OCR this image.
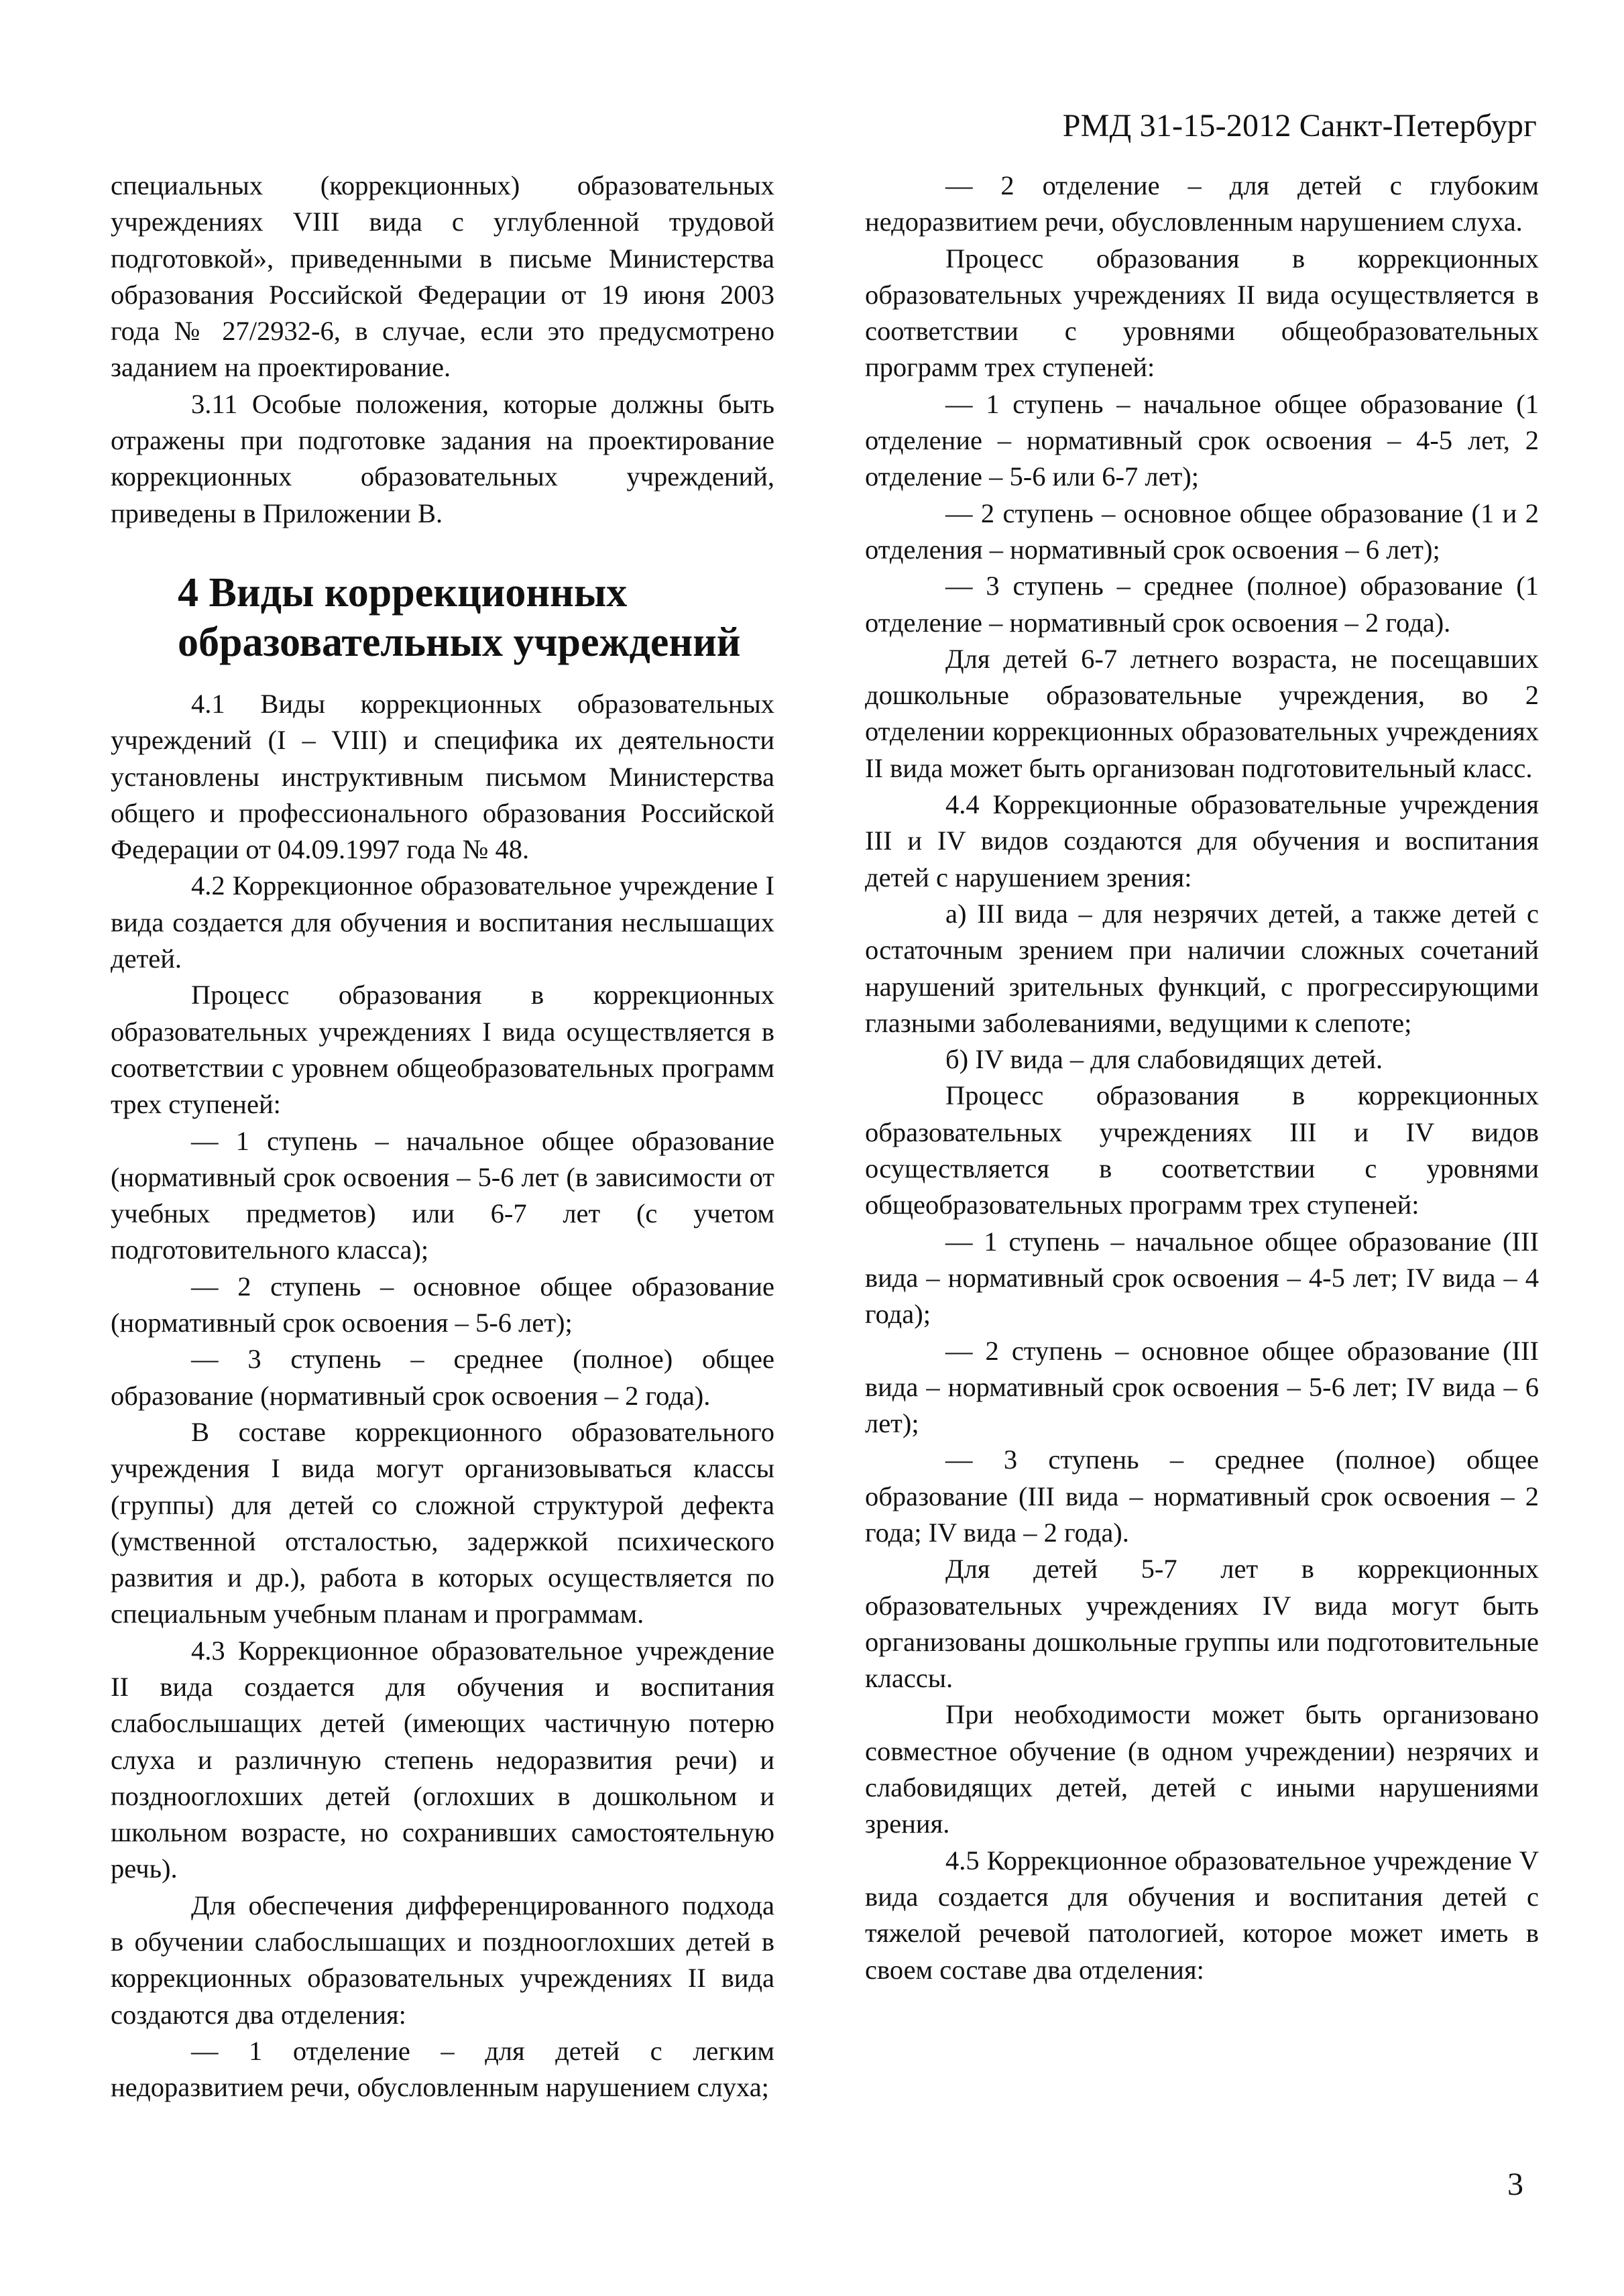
РМД 31-15-2012 Санкт-Петербург

специальных (коррекционных) образовательных учреждениях VIII вида с углубленной трудовой подготовкой», приведенными в письме Министерства образования Российской Федерации от 19 июня 2003 года № 27/2932-6, в случае, если это предусмотрено заданием на проектирование.

3.11 Особые положения, которые должны быть отражены при подготовке задания на проектирование коррекционных образовательных учреждений, приведены в Приложении В.

4 Виды коррекционных образовательных учреждений

4.1 Виды коррекционных образовательных учреждений (I – VIII) и специфика их деятельности установлены инструктивным письмом Министерства общего и профессионального образования Российской Федерации от 04.09.1997 года № 48.

4.2 Коррекционное образовательное учреждение I вида создается для обучения и воспитания неслышащих детей.

Процесс образования в коррекционных образовательных учреждениях I вида осуществляется в соответствии с уровнем общеобразовательных программ трех ступеней:

— 1 ступень – начальное общее образование (нормативный срок освоения – 5-6 лет (в зависимости от учебных предметов) или 6-7 лет (с учетом подготовительного класса);

— 2 ступень – основное общее образование (нормативный срок освоения – 5-6 лет);

— 3 ступень – среднее (полное) общее образование (нормативный срок освоения – 2 года).

В составе коррекционного образовательного учреждения I вида могут организовываться классы (группы) для детей со сложной структурой дефекта (умственной отсталостью, задержкой психического развития и др.), работа в которых осуществляется по специальным учебным планам и программам.

4.3 Коррекционное образовательное учреждение II вида создается для обучения и воспитания слабослышащих детей (имеющих частичную потерю слуха и различную степень недоразвития речи) и позднооглохших детей (оглохших в дошкольном и школьном возрасте, но сохранивших самостоятельную речь).

Для обеспечения дифференцированного подхода в обучении слабослышащих и позднооглохших детей в коррекционных образовательных учреждениях II вида создаются два отделения:

— 1 отделение – для детей с легким недоразвитием речи, обусловленным нарушением слуха;

— 2 отделение – для детей с глубоким недоразвитием речи, обусловленным нарушением слуха.

Процесс образования в коррекционных образовательных учреждениях II вида осуществляется в соответствии с уровнями общеобразовательных программ трех ступеней:

— 1 ступень – начальное общее образование (1 отделение – нормативный срок освоения – 4-5 лет, 2 отделение – 5-6 или 6-7 лет);

— 2 ступень – основное общее образование (1 и 2 отделения – нормативный срок освоения – 6 лет);

— 3 ступень – среднее (полное) образование (1 отделение – нормативный срок освоения – 2 года).

Для детей 6-7 летнего возраста, не посещавших дошкольные образовательные учреждения, во 2 отделении коррекционных образовательных учреждениях II вида может быть организован подготовительный класс.

4.4 Коррекционные образовательные учреждения III и IV видов создаются для обучения и воспитания детей с нарушением зрения:

а) III вида – для незрячих детей, а также детей с остаточным зрением при наличии сложных сочетаний нарушений зрительных функций, с прогрессирующими глазными заболеваниями, ведущими к слепоте;

б) IV вида – для слабовидящих детей.

Процесс образования в коррекционных образовательных учреждениях III и IV видов осуществляется в соответствии с уровнями общеобразовательных программ трех ступеней:

— 1 ступень – начальное общее образование (III вида – нормативный срок освоения – 4-5 лет; IV вида – 4 года);

— 2 ступень – основное общее образование (III вида – нормативный срок освоения – 5-6 лет; IV вида – 6 лет);

— 3 ступень – среднее (полное) общее образование (III вида – нормативный срок освоения – 2 года; IV вида – 2 года).

Для детей 5-7 лет в коррекционных образовательных учреждениях IV вида могут быть организованы дошкольные группы или подготовительные классы.

При необходимости может быть организовано совместное обучение (в одном учреждении) незрячих и слабовидящих детей, детей с иными нарушениями зрения.

4.5 Коррекционное образовательное учреждение V вида создается для обучения и воспитания детей с тяжелой речевой патологией, которое может иметь в своем составе два отделения:

3
